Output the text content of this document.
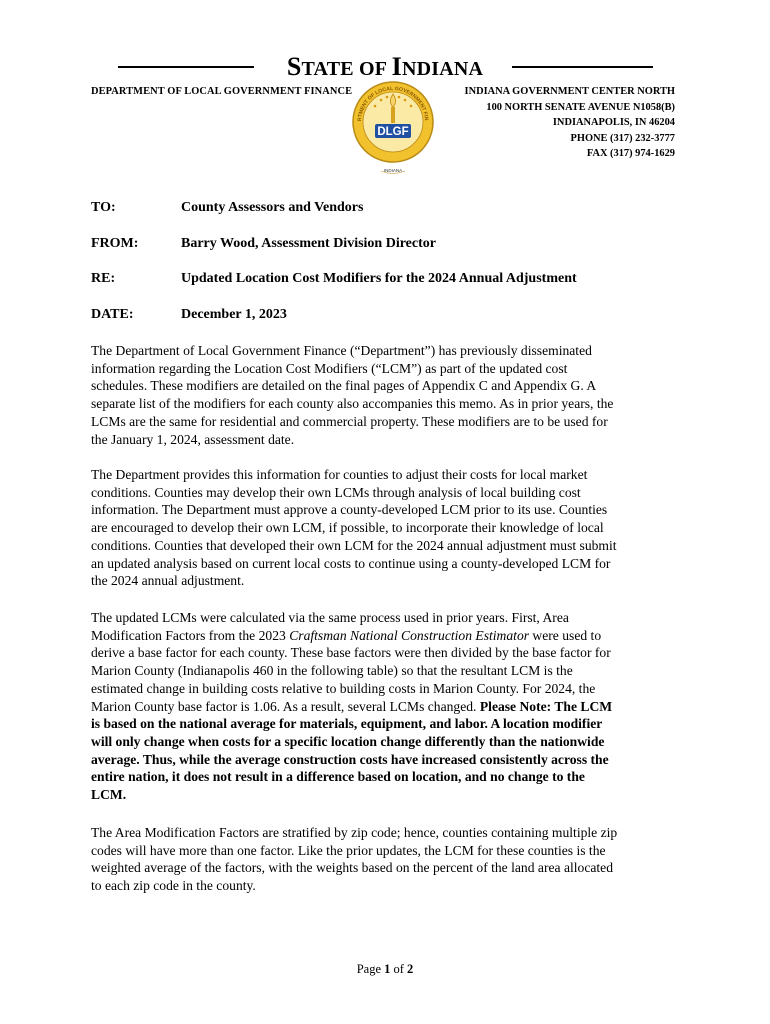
STATE OF INDIANA
DEPARTMENT OF LOCAL GOVERNMENT FINANCE	INDIANA GOVERNMENT CENTER NORTH
100 NORTH SENATE AVENUE N1058(B)
INDIANAPOLIS, IN 46204
PHONE (317) 232-3777
FAX (317) 974-1629
RTMENT OF LOCAL GOVERNMENT FIN
DLGF
INDIANA
TO:	County Assessors and Vendors
FROM:	Barry Wood, Assessment Division Director
RE:	Updated Location Cost Modifiers for the 2024 Annual Adjustment
DATE:	December 1, 2023
The Department of Local Government Finance (“Department”) has previously disseminated
information regarding the Location Cost Modifiers (“LCM”) as part of the updated cost
schedules. These modifiers are detailed on the final pages of Appendix C and Appendix G. A
separate list of the modifiers for each county also accompanies this memo. As in prior years, the
LCMs are the same for residential and commercial property. These modifiers are to be used for
the January 1, 2024, assessment date.
The Department provides this information for counties to adjust their costs for local market
conditions. Counties may develop their own LCMs through analysis of local building cost
information. The Department must approve a county-developed LCM prior to its use. Counties
are encouraged to develop their own LCM, if possible, to incorporate their knowledge of local
conditions. Counties that developed their own LCM for the 2024 annual adjustment must submit
an updated analysis based on current local costs to continue using a county-developed LCM for
the 2024 annual adjustment.
The updated LCMs were calculated via the same process used in prior years. First, Area
Modification Factors from the 2023 Craftsman National Construction Estimator were used to
derive a base factor for each county. These base factors were then divided by the base factor for
Marion County (Indianapolis 460 in the following table) so that the resultant LCM is the
estimated change in building costs relative to building costs in Marion County. For 2024, the
Marion County base factor is 1.06. As a result, several LCMs changed. Please Note: The LCM
is based on the national average for materials, equipment, and labor. A location modifier
will only change when costs for a specific location change differently than the nationwide
average. Thus, while the average construction costs have increased consistently across the
entire nation, it does not result in a difference based on location, and no change to the
LCM.
The Area Modification Factors are stratified by zip code; hence, counties containing multiple zip
codes will have more than one factor. Like the prior updates, the LCM for these counties is the
weighted average of the factors, with the weights based on the percent of the land area allocated
to each zip code in the county.
Page 1 of 2
